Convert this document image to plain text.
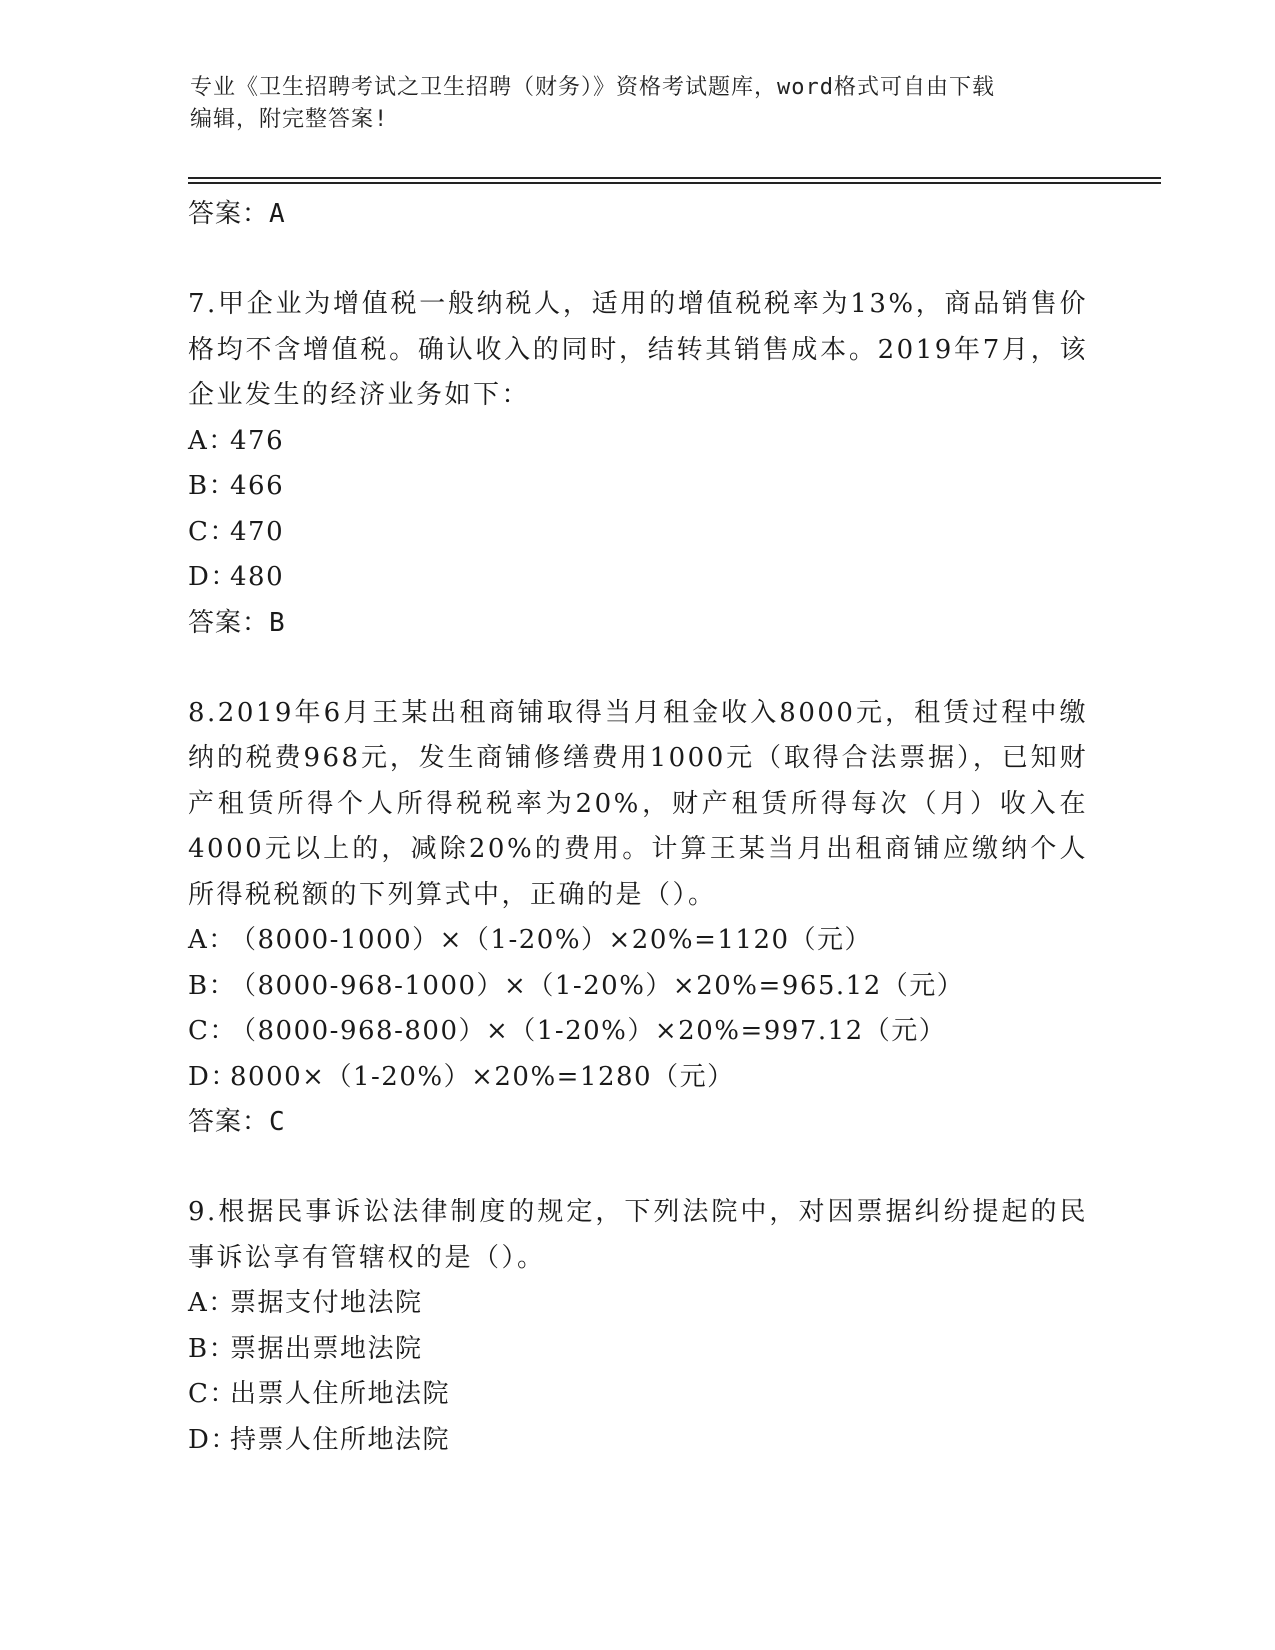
专业《卫生招聘考试之卫生招聘（财务）》资格考试题库，word格式可自由下载
编辑，附完整答案!

答案：A

7.甲企业为增值税一般纳税人，适用的增值税税率为13%，商品销售价格均不含增值税。确认收入的同时，结转其销售成本。2019年7月，该企业发生的经济业务如下：

A：476

B：466

C：470

D：480

答案：B

8.2019年6月王某出租商铺取得当月租金收入8000元，租赁过程中缴纳的税费968元，发生商铺修缮费用1000元（取得合法票据），已知财产租赁所得个人所得税税率为20%，财产租赁所得每次（月）收入在4000元以上的，减除20%的费用。计算王某当月出租商铺应缴纳个人所得税税额的下列算式中，正确的是（）。

A：（8000-1000）×（1-20%）×20%=1120（元）

B：（8000-968-1000）×（1-20%）×20%=965.12（元）

C：（8000-968-800）×（1-20%）×20%=997.12（元）

D：8000×（1-20%）×20%=1280（元）

答案：C

9.根据民事诉讼法律制度的规定，下列法院中，对因票据纠纷提起的民事诉讼享有管辖权的是（）。

A：票据支付地法院

B：票据出票地法院

C：出票人住所地法院

D：持票人住所地法院
